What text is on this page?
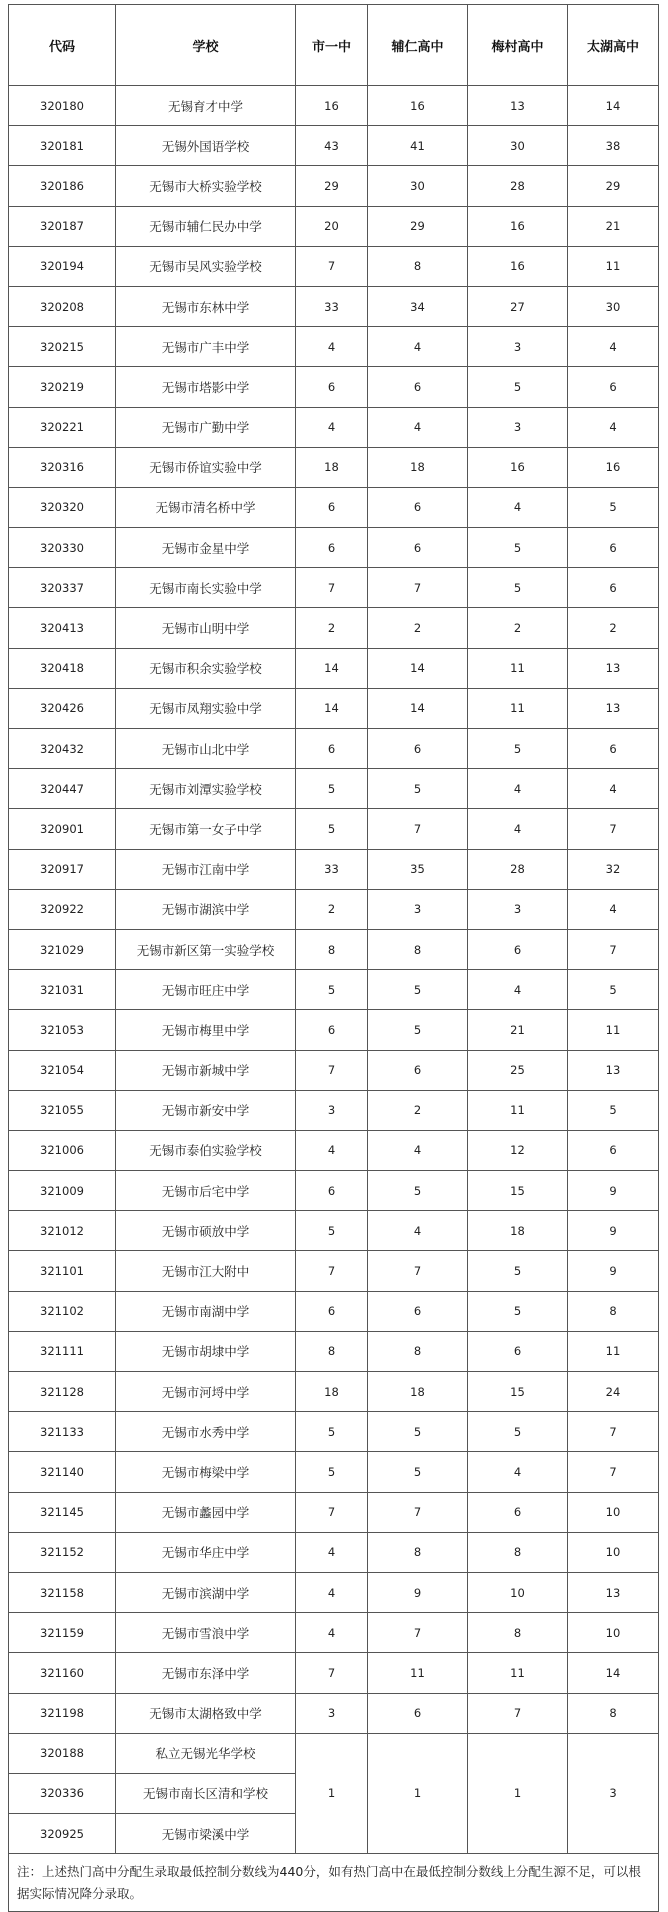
代码	学校	市一中	辅仁高中	梅村高中	太湖高中
320180	无锡育才中学	16	16	13	14
320181	无锡外国语学校	43	41	30	38
320186	无锡市大桥实验学校	29	30	28	29
320187	无锡市辅仁民办中学	20	29	16	21
320194	无锡市吴风实验学校	7	8	16	11
320208	无锡市东林中学	33	34	27	30
320215	无锡市广丰中学	4	4	3	4
320219	无锡市塔影中学	6	6	5	6
320221	无锡市广勤中学	4	4	3	4
320316	无锡市侨谊实验中学	18	18	16	16
320320	无锡市清名桥中学	6	6	4	5
320330	无锡市金星中学	6	6	5	6
320337	无锡市南长实验中学	7	7	5	6
320413	无锡市山明中学	2	2	2	2
320418	无锡市积余实验学校	14	14	11	13
320426	无锡市凤翔实验中学	14	14	11	13
320432	无锡市山北中学	6	6	5	6
320447	无锡市刘潭实验学校	5	5	4	4
320901	无锡市第一女子中学	5	7	4	7
320917	无锡市江南中学	33	35	28	32
320922	无锡市湖滨中学	2	3	3	4
321029	无锡市新区第一实验学校	8	8	6	7
321031	无锡市旺庄中学	5	5	4	5
321053	无锡市梅里中学	6	5	21	11
321054	无锡市新城中学	7	6	25	13
321055	无锡市新安中学	3	2	11	5
321006	无锡市泰伯实验学校	4	4	12	6
321009	无锡市后宅中学	6	5	15	9
321012	无锡市硕放中学	5	4	18	9
321101	无锡市江大附中	7	7	5	9
321102	无锡市南湖中学	6	6	5	8
321111	无锡市胡埭中学	8	8	6	11
321128	无锡市河埒中学	18	18	15	24
321133	无锡市水秀中学	5	5	5	7
321140	无锡市梅梁中学	5	5	4	7
321145	无锡市蠡园中学	7	7	6	10
321152	无锡市华庄中学	4	8	8	10
321158	无锡市滨湖中学	4	9	10	13
321159	无锡市雪浪中学	4	7	8	10
321160	无锡市东泽中学	7	11	11	14
321198	无锡市太湖格致中学	3	6	7	8
320188	私立无锡光华学校	1	1	1	3
320336	无锡市南长区清和学校				
320925	无锡市梁溪中学				
注：上述热门高中分配生录取最低控制分数线为440分，如有热门高中在最低控制分数线上分配生源不足，可以根据实际情况降分录取。					
